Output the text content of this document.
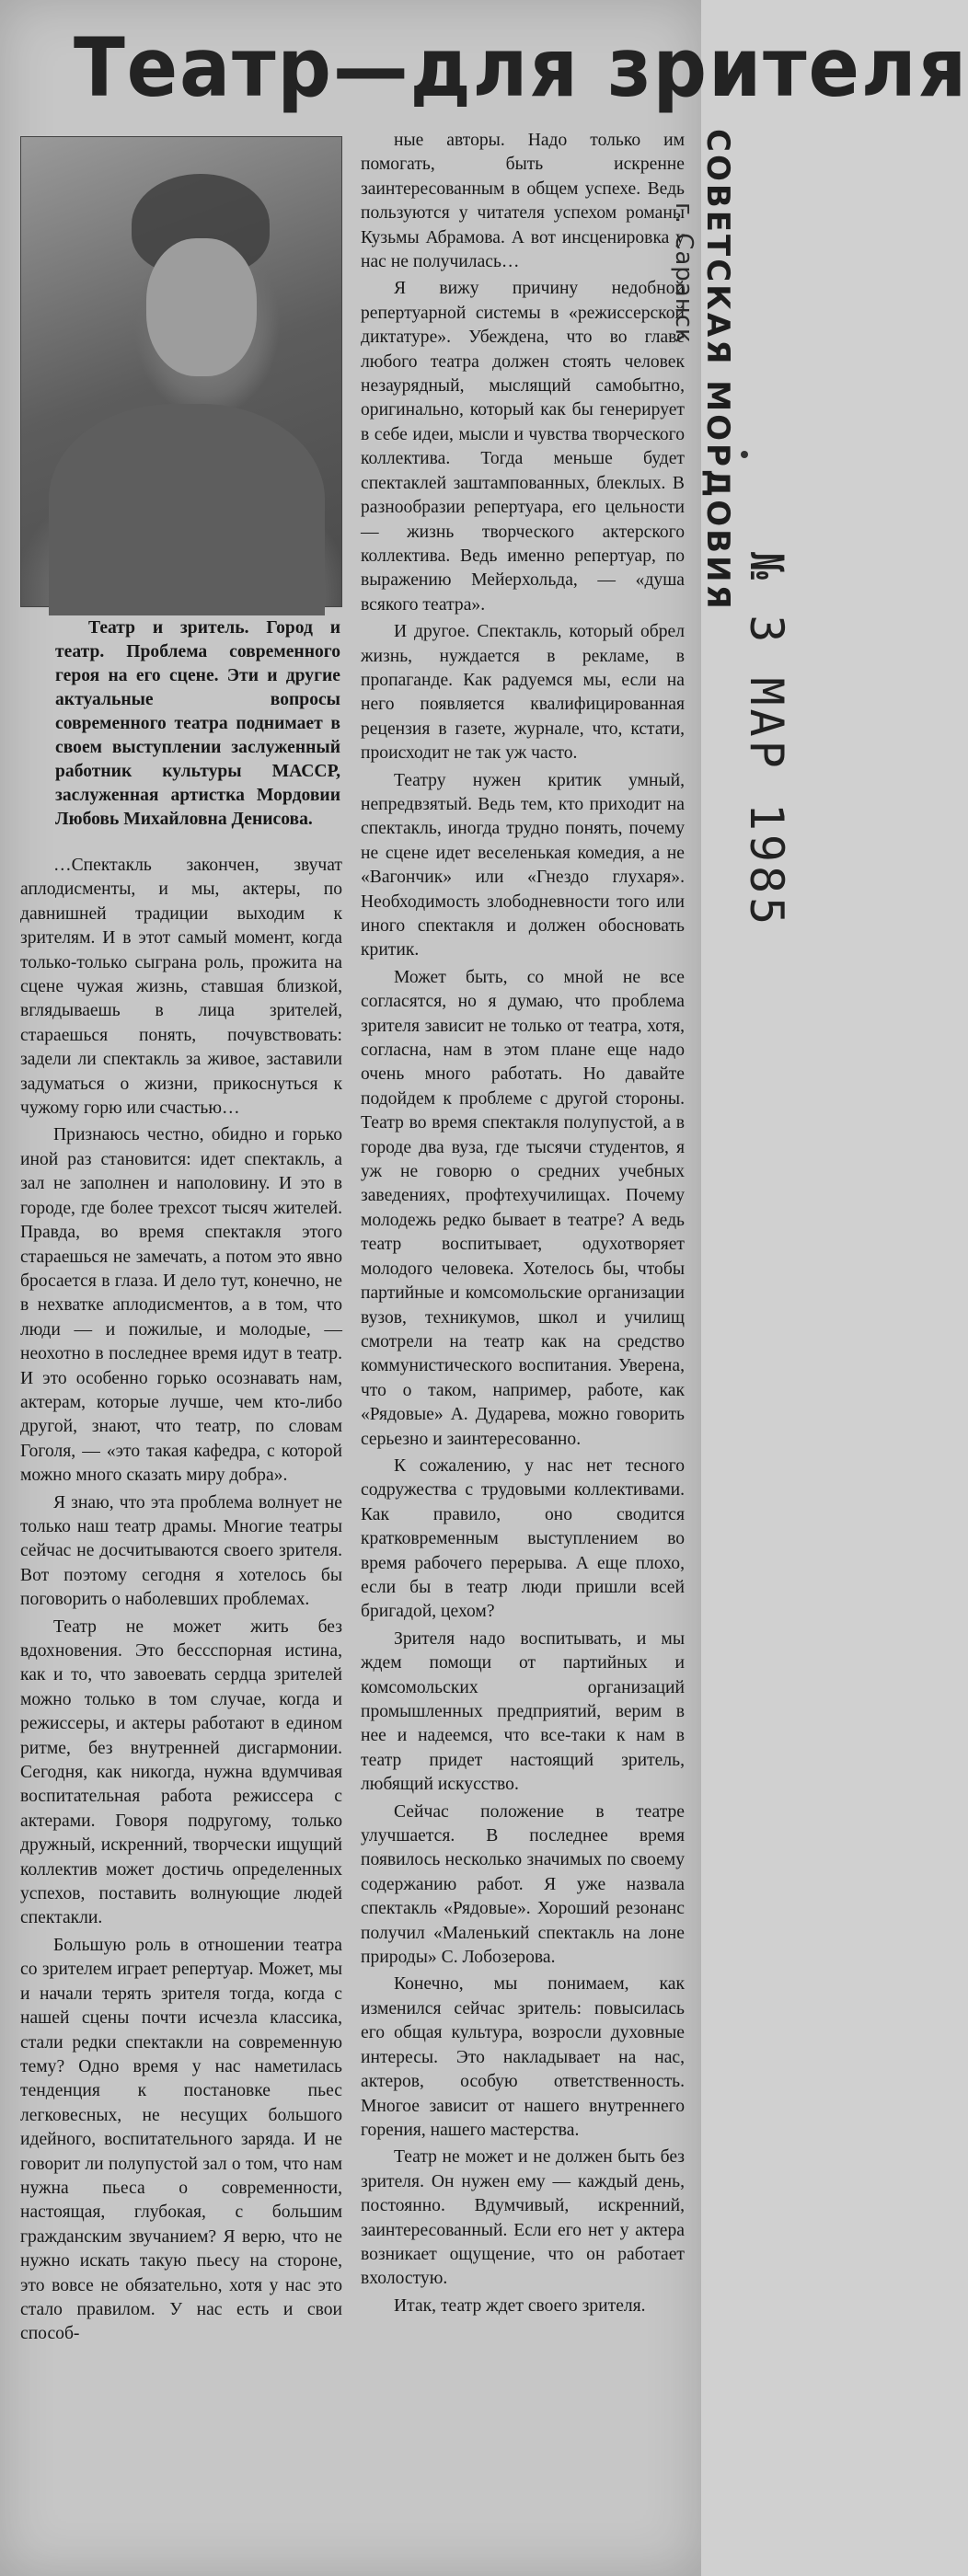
Театр—для зрителя

Театр и зритель. Город и театр. Проблема современного героя на его сцене. Эти и другие актуальные вопросы современного театра поднимает в своем выступлении заслуженный работник культуры МАССР, заслуженная артистка Мордовии Любовь Михайловна Денисова.

…Спектакль закончен, звучат аплодисменты, и мы, актеры, по давнишней традиции выходим к зрителям. И в этот самый момент, когда только-только сыграна роль, прожита на сцене чужая жизнь, ставшая близкой, вглядываешь в лица зрителей, стараешься понять, почувствовать: задели ли спектакль за живое, заставили задуматься о жизни, прикоснуться к чужому горю или счастью…

Признаюсь честно, обидно и горько иной раз становится: идет спектакль, а зал не заполнен и наполовину. И это в городе, где более трехсот тысяч жителей. Правда, во время спектакля этого стараешься не замечать, а потом это явно бросается в глаза. И дело тут, конечно, не в нехватке аплодисментов, а в том, что люди — и пожилые, и молодые, — неохотно в последнее время идут в театр. И это особенно горько осознавать нам, актерам, которые лучше, чем кто-либо другой, знают, что театр, по словам Гоголя, — «это такая кафедра, с которой можно много сказать миру добра».

Я знаю, что эта проблема волнует не только наш театр драмы. Многие театры сейчас не досчитываются своего зрителя. Вот поэтому сегодня я хотелось бы поговорить о наболевших проблемах.

Театр не может жить без вдохновения. Это бессспорная истина, как и то, что завоевать сердца зрителей можно только в том случае, когда и режиссеры, и актеры работают в едином ритме, без внутренней дисгармонии. Сегодня, как никогда, нужна вдумчивая воспитательная работа режиссера с актерами. Говоря подругому, только дружный, искренний, творчески ищущий коллектив может достичь определенных успехов, поставить волнующие людей спектакли.

Большую роль в отношении театра со зрителем играет репертуар. Может, мы и начали терять зрителя тогда, когда с нашей сцены почти исчезла классика, стали редки спектакли на современную тему? Одно время у нас наметилась тенденция к постановке пьес легковесных, не несущих большого идейного, воспитательного заряда. И не говорит ли полупустой зал о том, что нам нужна пьеса о современности, настоящая, глубокая, с большим гражданским звучанием? Я верю, что не нужно искать такую пьесу на стороне, это вовсе не обязательно, хотя у нас это стало правилом. У нас есть и свои способ-

ные авторы. Надо только им помогать, быть искренне заинтересованным в общем успехе. Ведь пользуются у читателя успехом романы Кузьмы Абрамова. А вот инсценировка у нас не получилась…

Я вижу причину недобной репертуарной системы в «режиссерской диктатуре». Убеждена, что во главе любого театра должен стоять человек незаурядный, мыслящий самобытно, оригинально, который как бы генерирует в себе идеи, мысли и чувства творческого коллектива. Тогда меньше будет спектаклей заштампованных, блеклых. В разнообразии репертуара, его цельности — жизнь творческого актерского коллектива. Ведь именно репертуар, по выражению Мейерхольда, — «душа всякого театра».

И другое. Спектакль, который обрел жизнь, нуждается в рекламе, в пропаганде. Как радуемся мы, если на него появляется квалифицированная рецензия в газете, журнале, что, кстати, происходит не так уж часто.

Театру нужен критик умный, непредвзятый. Ведь тем, кто приходит на спектакль, иногда трудно понять, почему не сцене идет веселенькая комедия, а не «Вагончик» или «Гнездо глухаря». Необходимость злободневности того или иного спектакля и должен обосновать критик.

Может быть, со мной не все согласятся, но я думаю, что проблема зрителя зависит не только от театра, хотя, согласна, нам в этом плане еще надо очень много работать. Но давайте подойдем к проблеме с другой стороны. Театр во время спектакля полупустой, а в городе два вуза, где тысячи студентов, я уж не говорю о средних учебных заведениях, профтехучилищах. Почему молодежь редко бывает в театре? А ведь театр воспитывает, одухотворяет молодого человека. Хотелось бы, чтобы партийные и комсомольские организации вузов, техникумов, школ и училищ смотрели на театр как на средство коммунистического воспитания. Уверена, что о таком, например, работе, как «Рядовые» А. Дударева, можно говорить серьезно и заинтересованно.

К сожалению, у нас нет тесного содружества с трудовыми коллективами. Как правило, оно сводится кратковременным выступлением во время рабочего перерыва. А еще плохо, если бы в театр люди пришли всей бригадой, цехом?

Зрителя надо воспитывать, и мы ждем помощи от партийных и комсомольских организаций промышленных предприятий, верим в нее и надеемся, что все-таки к нам в театр придет настоящий зритель, любящий искусство.

Сейчас положение в театре улучшается. В последнее время появилось несколько значимых по своему содержанию работ. Я уже назвала спектакль «Рядовые». Хороший резонанс получил «Маленький спектакль на лоне природы» С. Лобозерова.

Конечно, мы понимаем, как изменился сейчас зритель: повысилась его общая культура, возросли духовные интересы. Это накладывает на нас, актеров, особую ответственность. Многое зависит от нашего внутреннего горения, нашего мастерства.

Театр не может и не должен быть без зрителя. Он нужен ему — каждый день, постоянно. Вдумчивый, искренний, заинтересованный. Если его нет у актера возникает ощущение, что он работает вхолостую.

Итак, театр ждет своего зрителя.

СОВЕТСКАЯ МОРДОВИЯ
г. Саранск
№ 3 МАР 1985
